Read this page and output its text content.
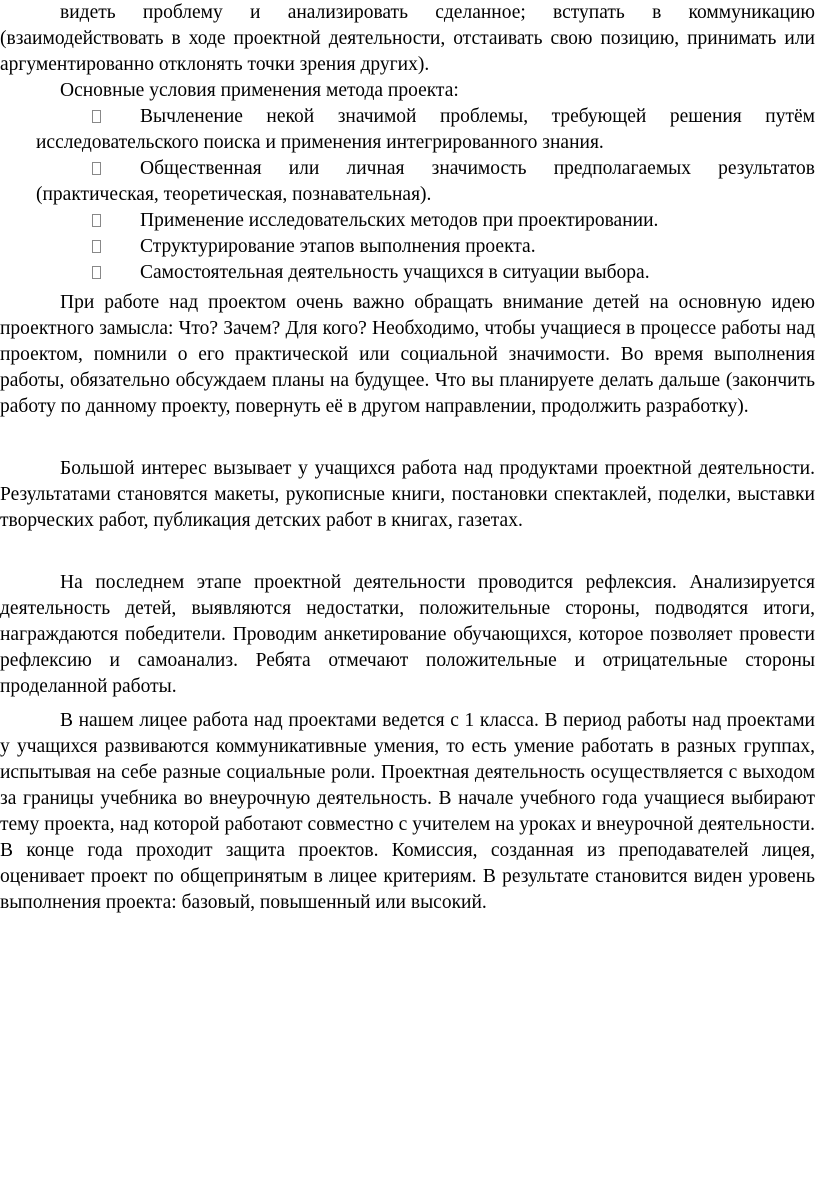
видеть проблему и анализировать сделанное; вступать в коммуникацию (взаимодействовать в ходе проектной деятельности, отстаивать свою позицию, принимать или аргументированно отклонять точки зрения других).

Основные условия применения метода проекта:

Вычленение некой значимой проблемы, требующей решения путём исследовательского поиска и применения интегрированного знания.
Общественная или личная значимость предполагаемых результатов (практическая, теоретическая, познавательная).
Применение исследовательских методов при проектировании.
Структурирование этапов выполнения проекта.
Самостоятельная деятельность учащихся в ситуации выбора.

При работе над проектом очень важно обращать внимание детей на основную идею проектного замысла: Что? Зачем? Для кого? Необходимо, чтобы учащиеся в процессе работы над проектом, помнили о его практической или социальной значимости. Во время выполнения работы, обязательно обсуждаем планы на будущее. Что вы планируете делать дальше (закончить работу по данному проекту, повернуть её в другом направлении, продолжить разработку).

Большой интерес вызывает у учащихся работа над продуктами проектной деятельности. Результатами становятся макеты, рукописные книги, постановки спектаклей, поделки, выставки творческих работ, публикация детских работ в книгах, газетах.

На последнем этапе проектной деятельности проводится рефлексия. Анализируется деятельность детей, выявляются недостатки, положительные стороны, подводятся итоги, награждаются победители. Проводим анкетирование обучающихся, которое позволяет провести рефлексию и самоанализ. Ребята отмечают положительные и отрицательные стороны проделанной работы.

В нашем лицее работа над проектами ведется с 1 класса. В период работы над проектами у учащихся развиваются коммуникативные умения, то есть умение работать в разных группах, испытывая на себе разные социальные роли. Проектная деятельность осуществляется с выходом за границы учебника во внеурочную деятельность. В начале учебного года учащиеся выбирают тему проекта, над которой работают совместно с учителем на уроках и внеурочной деятельности. В конце года проходит защита проектов. Комиссия, созданная из преподавателей лицея, оценивает проект по общепринятым в лицее критериям. В результате становится виден уровень выполнения проекта: базовый, повышенный или высокий.
